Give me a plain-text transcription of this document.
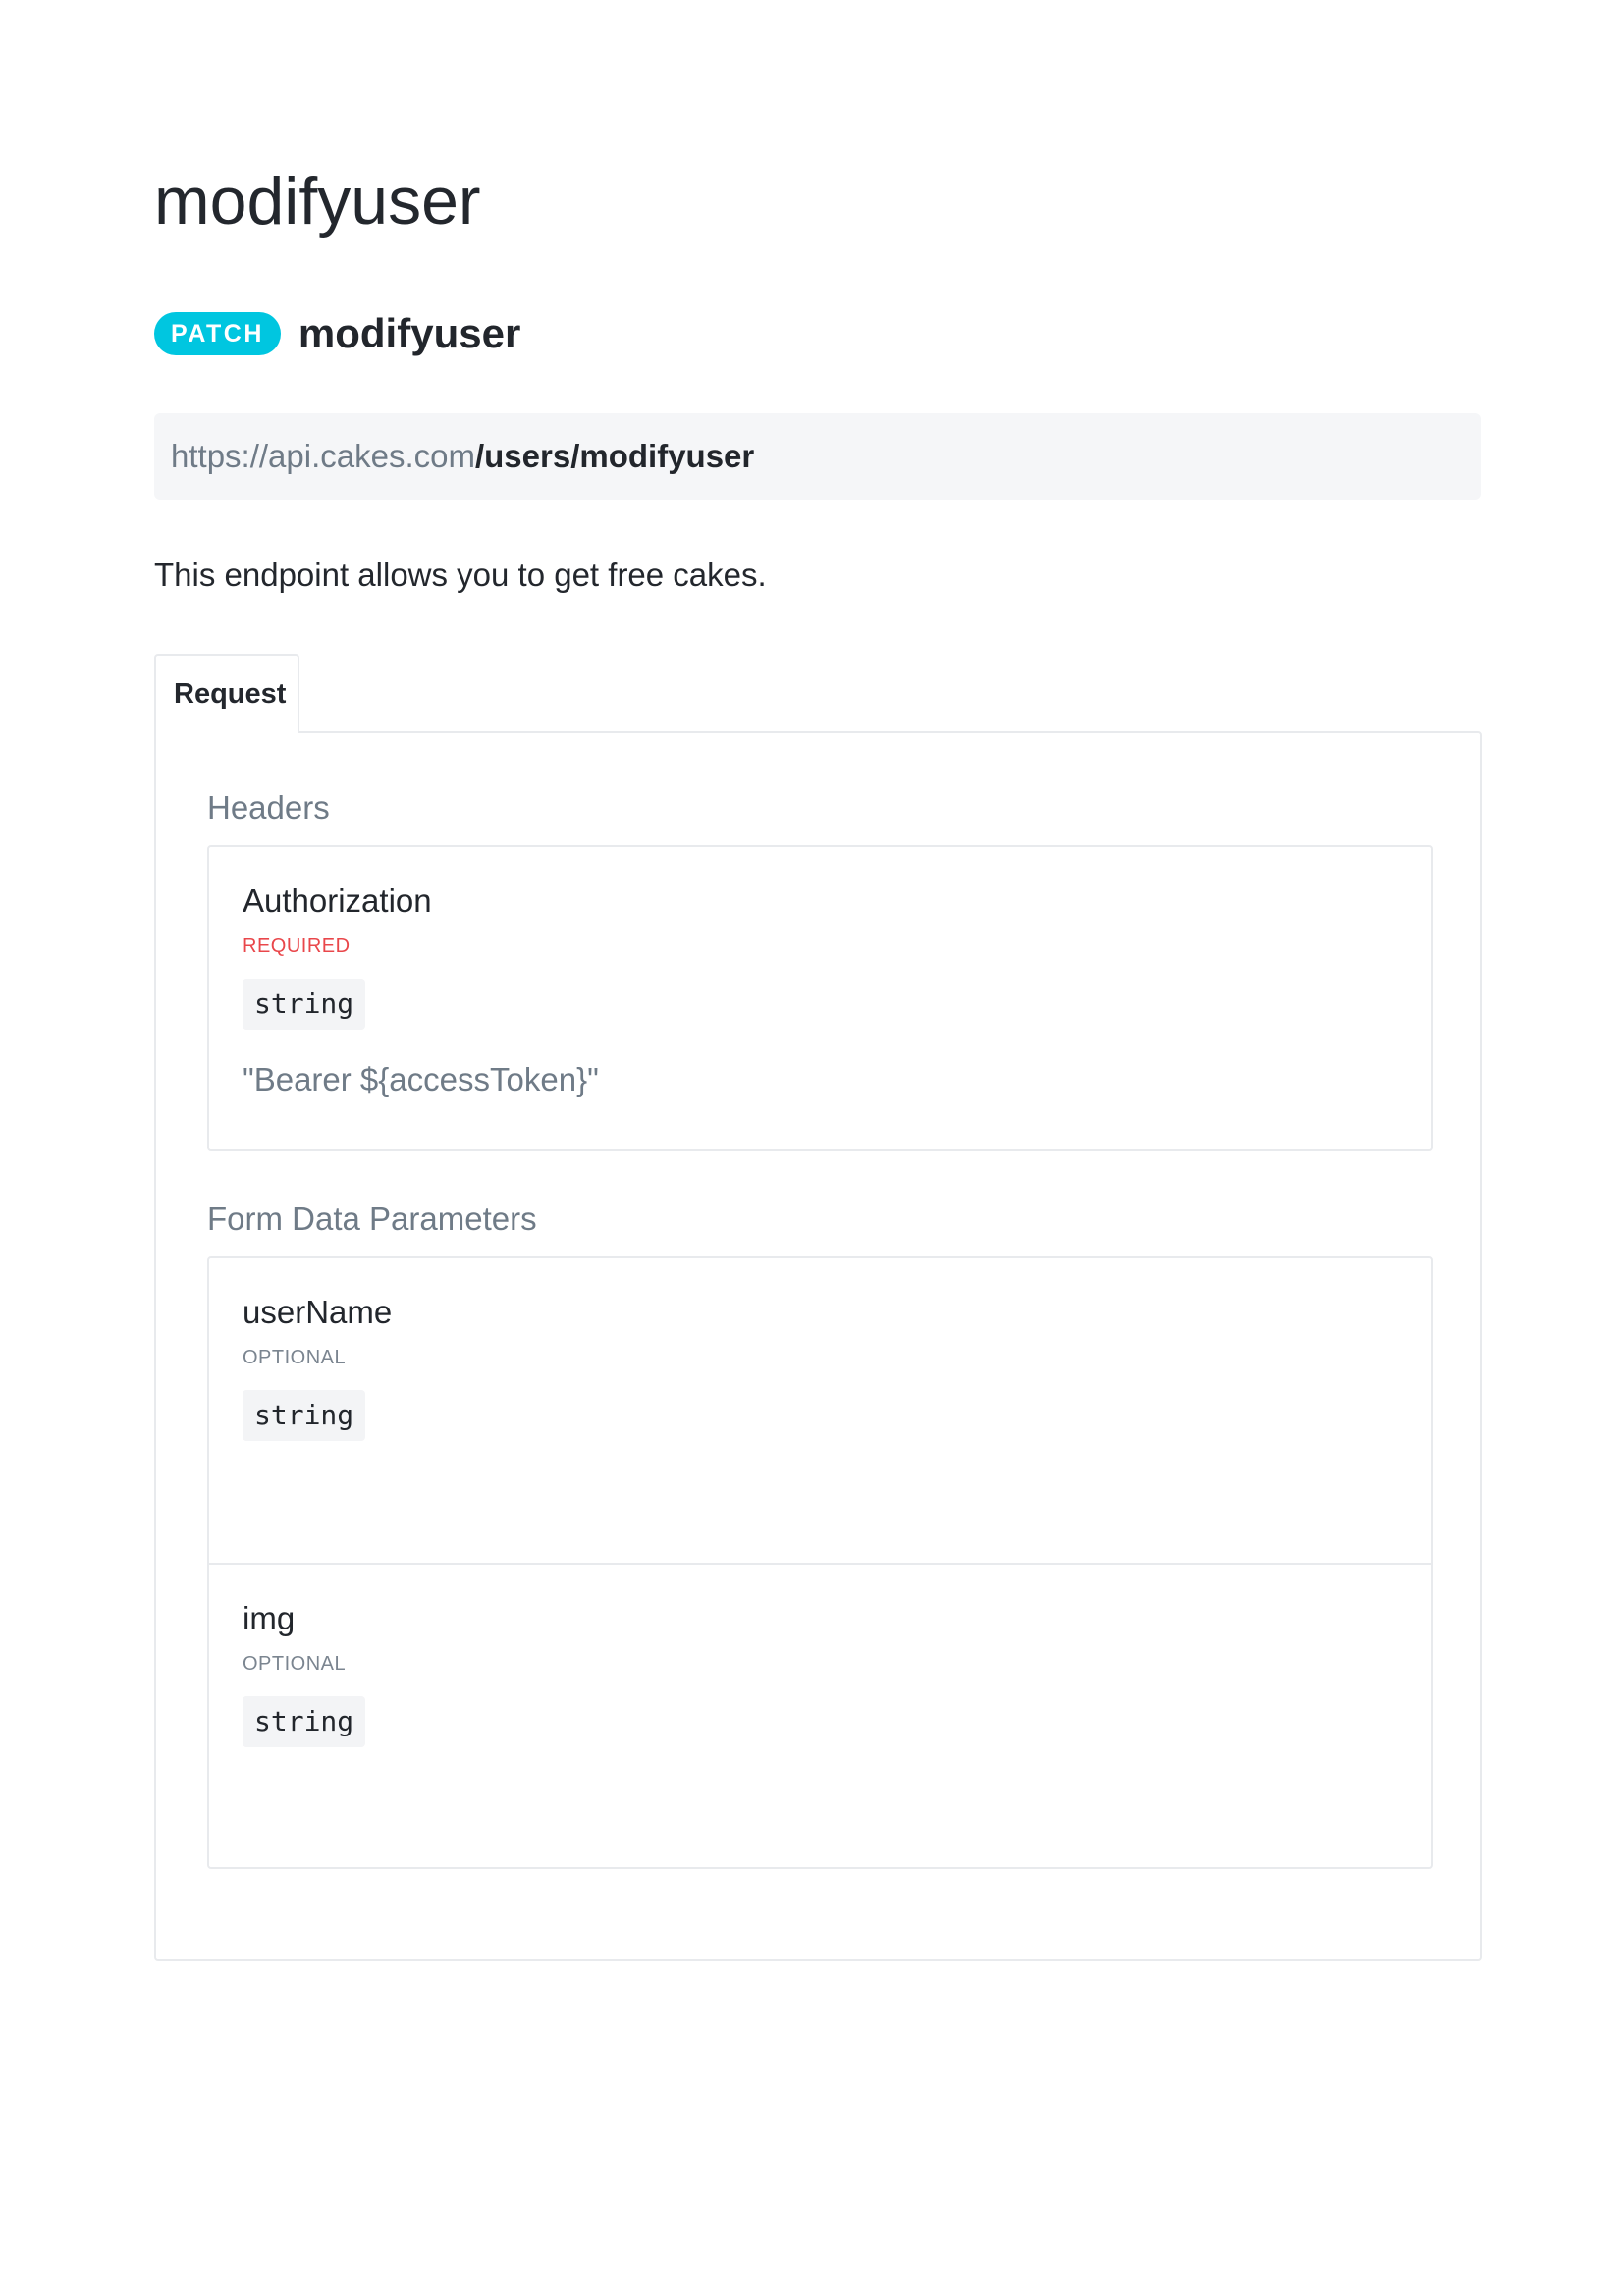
modifyuser
PATCH modifyuser
https://api.cakes.com /users/modifyuser

This endpoint allows you to get free cakes.

Request
Headers
Authorization
REQUIRED
string
"Bearer ${accessToken}"
Form Data Parameters
userName
OPTIONAL
string
img
OPTIONAL
string
